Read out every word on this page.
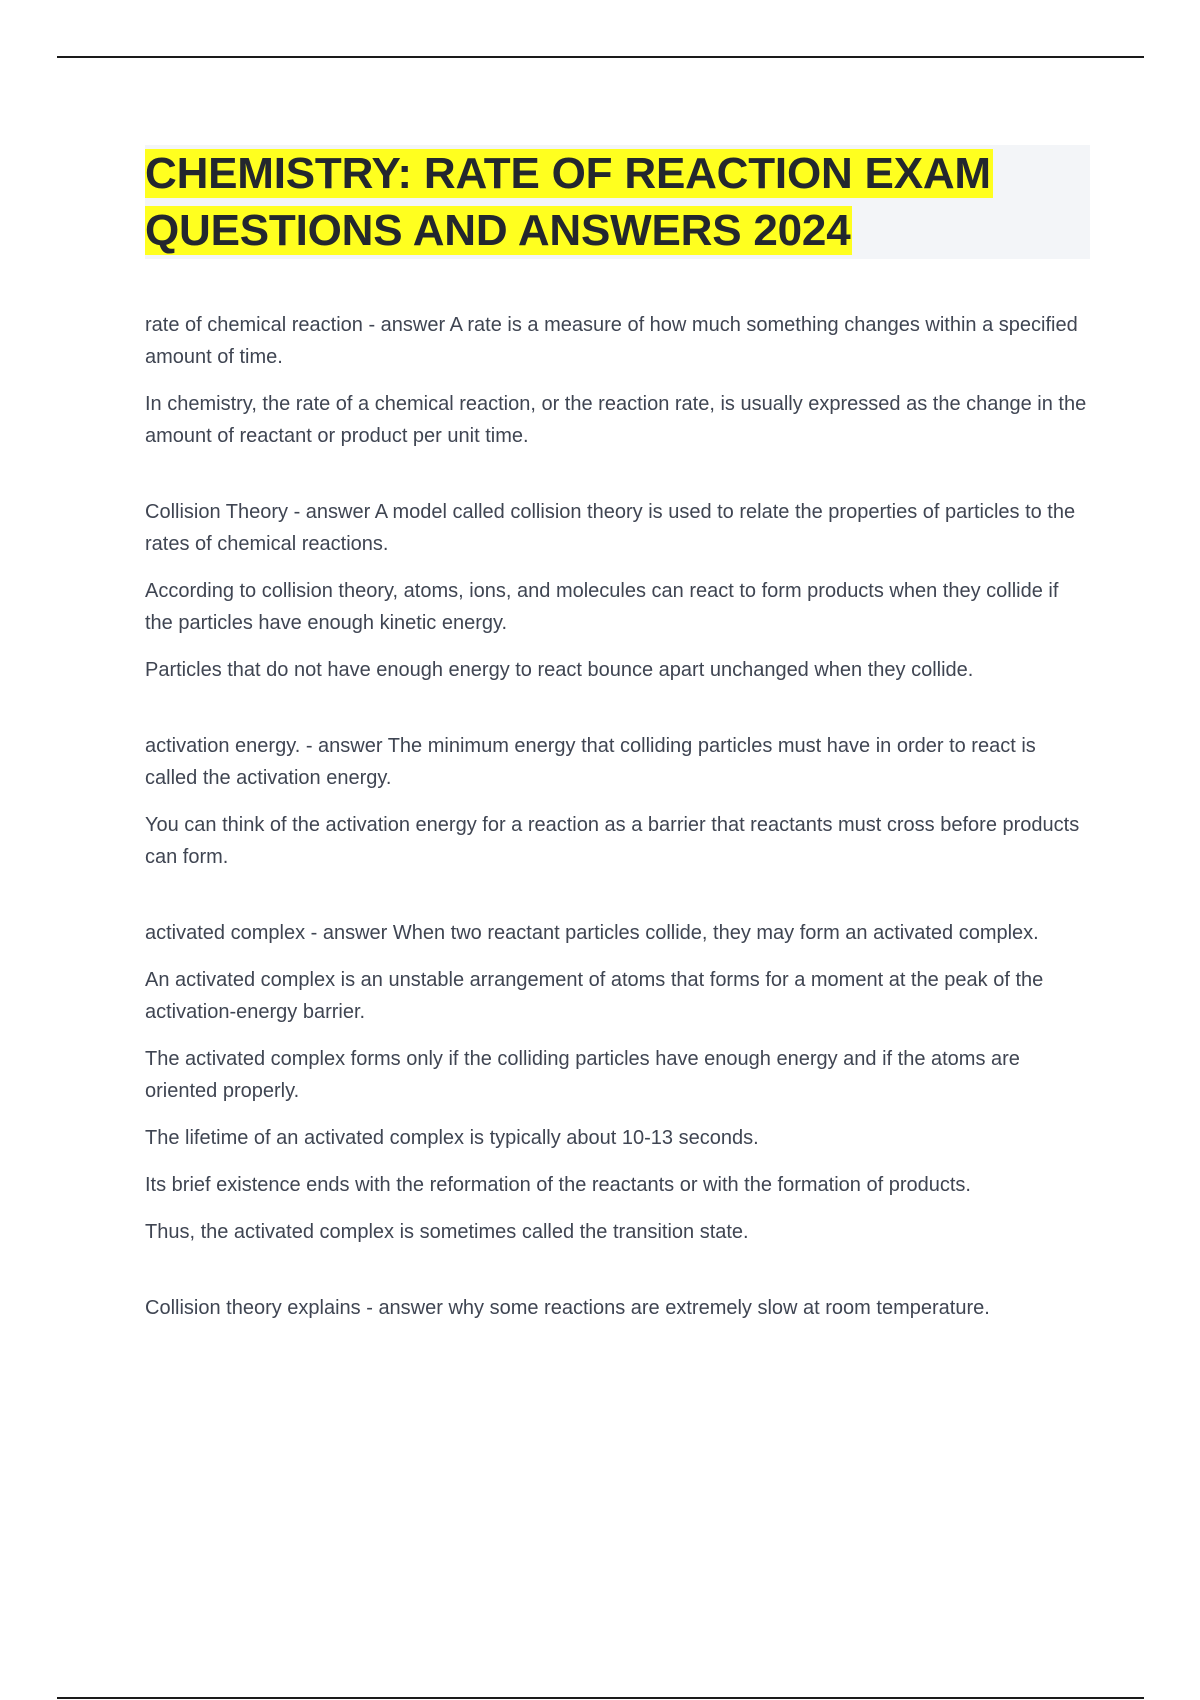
CHEMISTRY: RATE OF REACTION EXAM QUESTIONS AND ANSWERS 2024

rate of chemical reaction - answer A rate is a measure of how much something changes within a specified amount of time.

In chemistry, the rate of a chemical reaction, or the reaction rate, is usually expressed as the change in the amount of reactant or product per unit time.

Collision Theory - answer A model called collision theory is used to relate the properties of particles to the rates of chemical reactions.

According to collision theory, atoms, ions, and molecules can react to form products when they collide if the particles have enough kinetic energy.

Particles that do not have enough energy to react bounce apart unchanged when they collide.

activation energy. - answer The minimum energy that colliding particles must have in order to react is called the activation energy.

You can think of the activation energy for a reaction as a barrier that reactants must cross before products can form.

activated complex - answer When two reactant particles collide, they may form an activated complex.

An activated complex is an unstable arrangement of atoms that forms for a moment at the peak of the activation-energy barrier.

The activated complex forms only if the colliding particles have enough energy and if the atoms are oriented properly.

The lifetime of an activated complex is typically about 10-13 seconds.

Its brief existence ends with the reformation of the reactants or with the formation of products.

Thus, the activated complex is sometimes called the transition state.

Collision theory explains - answer why some reactions are extremely slow at room temperature.
